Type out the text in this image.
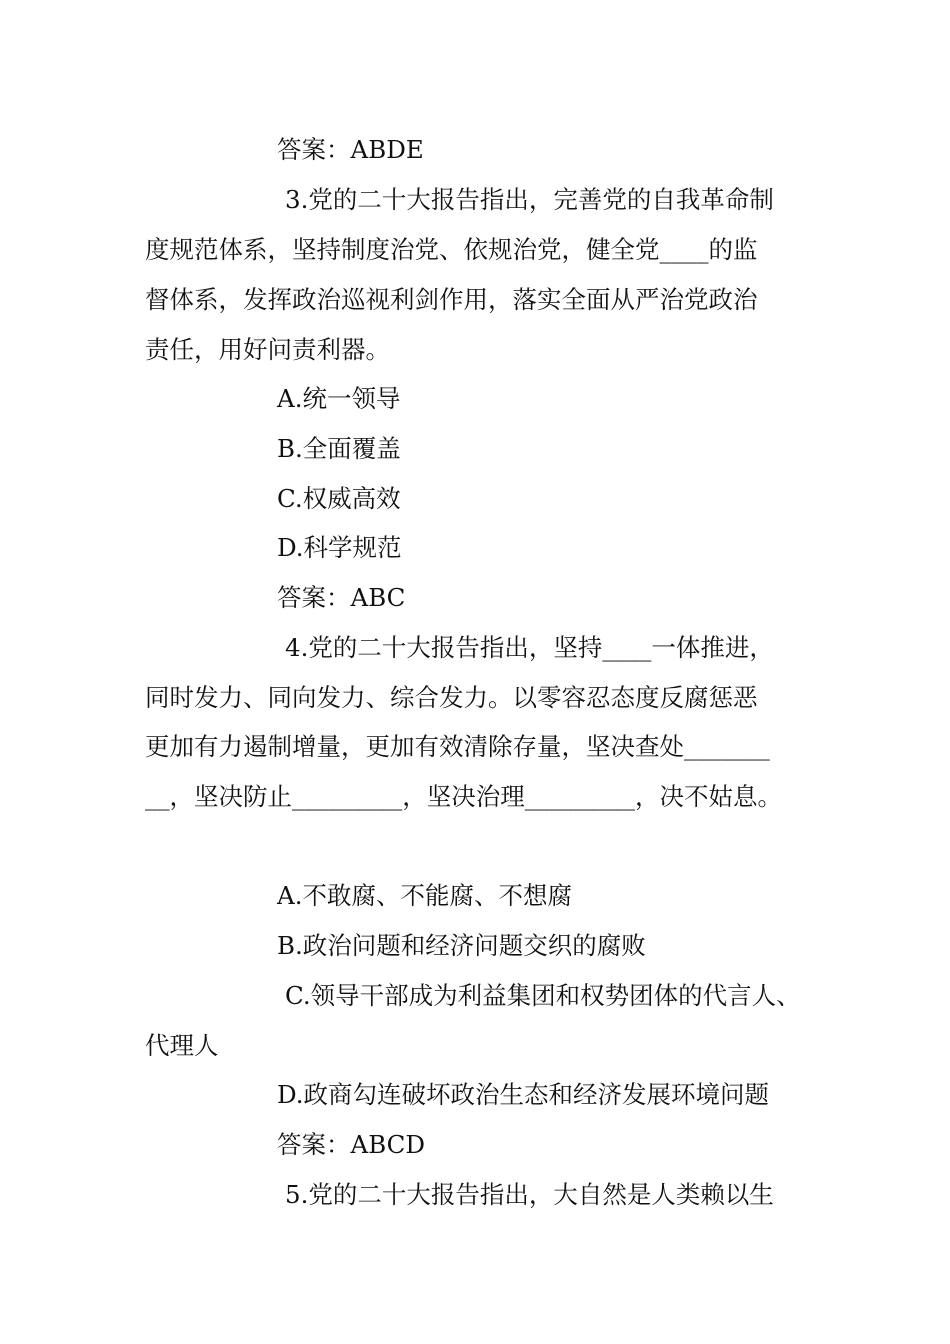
答案：ABDE
3.党的二十大报告指出，完善党的自我革命制
度规范体系，坚持制度治党、依规治党，健全党____的监
督体系，发挥政治巡视利剑作用，落实全面从严治党政治
责任，用好问责利器。
A.统一领导
B.全面覆盖
C.权威高效
D.科学规范
答案：ABC
4.党的二十大报告指出，坚持____一体推进，
同时发力、同向发力、综合发力。以零容忍态度反腐惩恶
更加有力遏制增量，更加有效清除存量，坚决查处_______
__，坚决防止_________，坚决治理_________，决不姑息。
A.不敢腐、不能腐、不想腐
B.政治问题和经济问题交织的腐败
C.领导干部成为利益集团和权势团体的代言人、
代理人
D.政商勾连破坏政治生态和经济发展环境问题
答案：ABCD
5.党的二十大报告指出，大自然是人类赖以生
